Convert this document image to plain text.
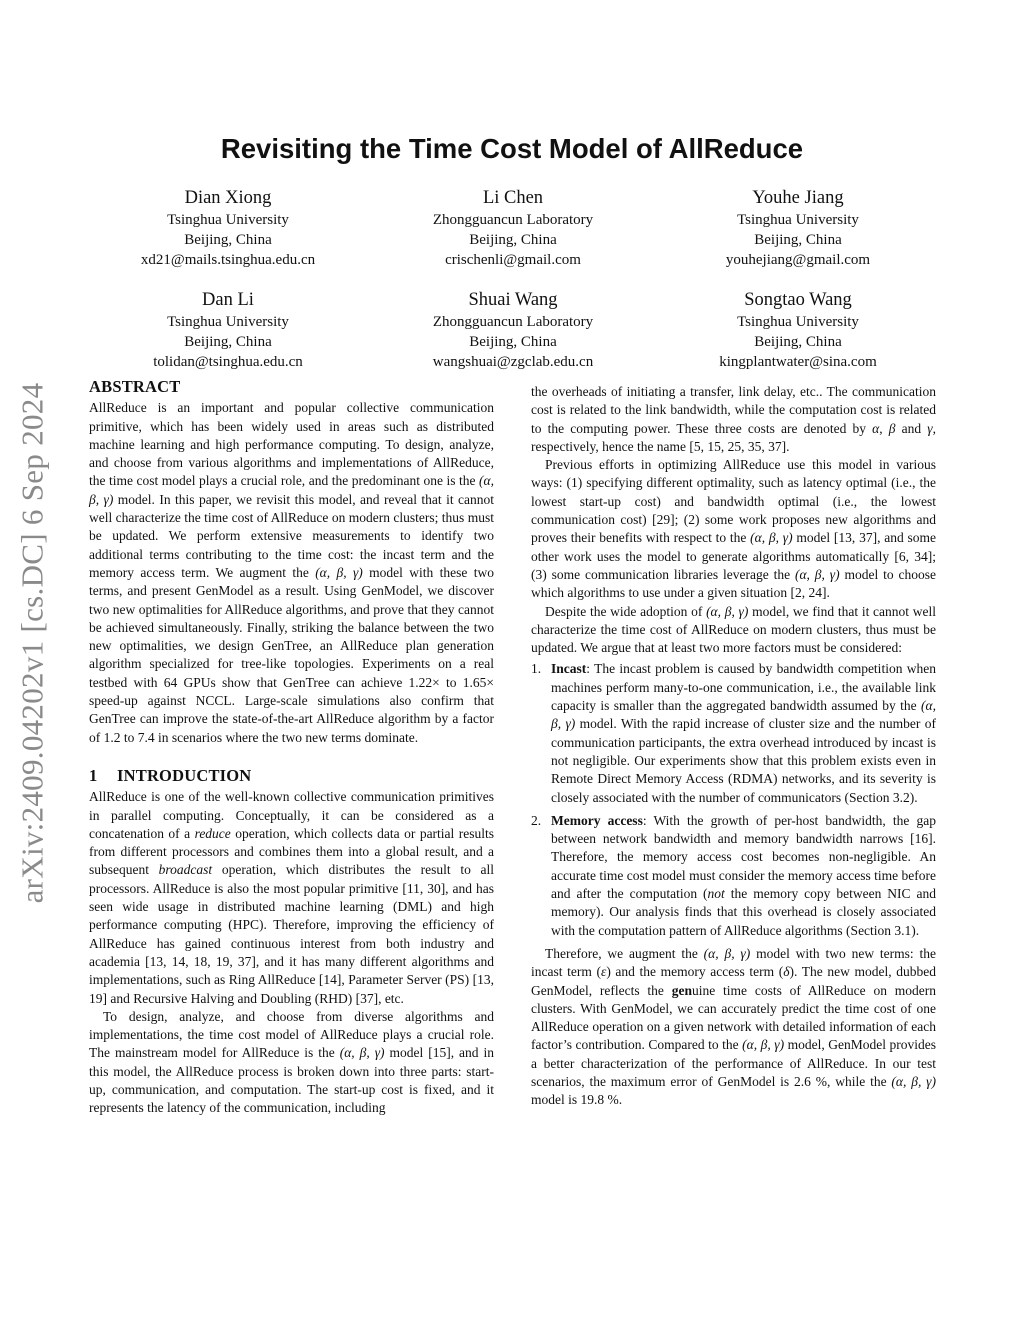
arXiv:2409.04202v1 [cs.DC] 6 Sep 2024
Revisiting the Time Cost Model of AllReduce
Dian Xiong
Tsinghua University
Beijing, China
xd21@mails.tsinghua.edu.cn
Li Chen
Zhongguancun Laboratory
Beijing, China
crischenli@gmail.com
Youhe Jiang
Tsinghua University
Beijing, China
youhejiang@gmail.com
Dan Li
Tsinghua University
Beijing, China
tolidan@tsinghua.edu.cn
Shuai Wang
Zhongguancun Laboratory
Beijing, China
wangshuai@zgclab.edu.cn
Songtao Wang
Tsinghua University
Beijing, China
kingplantwater@sina.com
ABSTRACT

AllReduce is an important and popular collective communication primitive, which has been widely used in areas such as distributed machine learning and high performance computing. To design, analyze, and choose from various algorithms and implementations of AllReduce, the time cost model plays a crucial role, and the predominant one is the (α, β, γ) model. In this paper, we revisit this model, and reveal that it cannot well characterize the time cost of AllReduce on modern clusters; thus must be updated. We perform extensive measurements to identify two additional terms contributing to the time cost: the incast term and the memory access term. We augment the (α, β, γ) model with these two terms, and present GenModel as a result. Using GenModel, we discover two new optimalities for AllReduce algorithms, and prove that they cannot be achieved simultaneously. Finally, striking the balance between the two new optimalities, we design GenTree, an AllReduce plan generation algorithm specialized for tree-like topologies. Experiments on a real testbed with 64 GPUs show that GenTree can achieve 1.22× to 1.65× speed-up against NCCL. Large-scale simulations also confirm that GenTree can improve the state-of-the-art AllReduce algorithm by a factor of 1.2 to 7.4 in scenarios where the two new terms dominate.

1 INTRODUCTION

AllReduce is one of the well-known collective communication primitives in parallel computing. Conceptually, it can be considered as a concatenation of a reduce operation, which collects data or partial results from different processors and combines them into a global result, and a subsequent broadcast operation, which distributes the result to all processors. AllReduce is also the most popular primitive [11, 30], and has seen wide usage in distributed machine learning (DML) and high performance computing (HPC). Therefore, improving the efficiency of AllReduce has gained continuous interest from both industry and academia [13, 14, 18, 19, 37], and it has many different algorithms and implementations, such as Ring AllReduce [14], Parameter Server (PS) [13, 19] and Recursive Halving and Doubling (RHD) [37], etc.

To design, analyze, and choose from diverse algorithms and implementations, the time cost model of AllReduce plays a crucial role. The mainstream model for AllReduce is the (α, β, γ) model [15], and in this model, the AllReduce process is broken down into three parts: start-up, communication, and computation. The start-up cost is fixed, and it represents the latency of the communication, including

the overheads of initiating a transfer, link delay, etc.. The communication cost is related to the link bandwidth, while the computation cost is related to the computing power. These three costs are denoted by α, β and γ, respectively, hence the name [5, 15, 25, 35, 37].

Previous efforts in optimizing AllReduce use this model in various ways: (1) specifying different optimality, such as latency optimal (i.e., the lowest start-up cost) and bandwidth optimal (i.e., the lowest communication cost) [29]; (2) some work proposes new algorithms and proves their benefits with respect to the (α, β, γ) model [13, 37], and some other work uses the model to generate algorithms automatically [6, 34]; (3) some communication libraries leverage the (α, β, γ) model to choose which algorithms to use under a given situation [2, 24].

Despite the wide adoption of (α, β, γ) model, we find that it cannot well characterize the time cost of AllReduce on modern clusters, thus must be updated. We argue that at least two more factors must be considered:

1. Incast: The incast problem is caused by bandwidth competition when machines perform many-to-one communication, i.e., the available link capacity is smaller than the aggregated bandwidth assumed by the (α, β, γ) model. With the rapid increase of cluster size and the number of communication participants, the extra overhead introduced by incast is not negligible. Our experiments show that this problem exists even in Remote Direct Memory Access (RDMA) networks, and its severity is closely associated with the number of communicators (Section 3.2).
2. Memory access: With the growth of per-host bandwidth, the gap between network bandwidth and memory bandwidth narrows [16]. Therefore, the memory access cost becomes non-negligible. An accurate time cost model must consider the memory access time before and after the computation (not the memory copy between NIC and memory). Our analysis finds that this overhead is closely associated with the computation pattern of AllReduce algorithms (Section 3.1).

Therefore, we augment the (α, β, γ) model with two new terms: the incast term (ε) and the memory access term (δ). The new model, dubbed GenModel, reflects the genuine time costs of AllReduce on modern clusters. With GenModel, we can accurately predict the time cost of one AllReduce operation on a given network with detailed information of each factor’s contribution. Compared to the (α, β, γ) model, GenModel provides a better characterization of the performance of AllReduce. In our test scenarios, the maximum error of GenModel is 2.6 %, while the (α, β, γ) model is 19.8 %.
